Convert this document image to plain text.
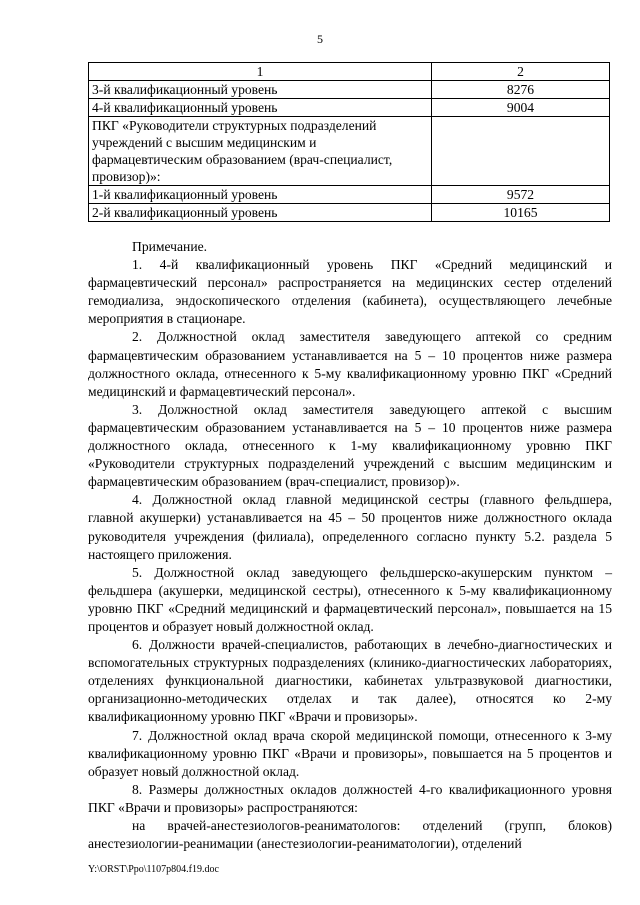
5
1	2
3-й квалификационный уровень	8276
4-й квалификационный уровень	9004
ПКГ «Руководители структурных подразделений учреждений с высшим медицинским и фармацевтическим образованием (врач-специалист, провизор)»:	
1-й квалификационный уровень	9572
2-й квалификационный уровень	10165

Примечание.

1. 4-й квалификационный уровень ПКГ «Средний медицинский и фармацевтический персонал» распространяется на медицинских сестер отделений гемодиализа, эндоскопического отделения (кабинета), осуществляющего лечебные мероприятия в стационаре.

2. Должностной оклад заместителя заведующего аптекой со средним фармацевтическим образованием устанавливается на 5 – 10 процентов ниже размера должностного оклада, отнесенного к 5-му квалификационному уровню ПКГ «Средний медицинский и фармацевтический персонал».

3. Должностной оклад заместителя заведующего аптекой с высшим фармацевтическим образованием устанавливается на 5 – 10 процентов ниже размера должностного оклада, отнесенного к 1-му квалификационному уровню ПКГ «Руководители структурных подразделений учреждений с высшим медицинским и фармацевтическим образованием (врач-специалист, провизор)».

4. Должностной оклад главной медицинской сестры (главного фельдшера, главной акушерки) устанавливается на 45 – 50 процентов ниже должностного оклада руководителя учреждения (филиала), определенного согласно пункту 5.2. раздела 5 настоящего приложения.

5. Должностной оклад заведующего фельдшерско-акушерским пунктом – фельдшера (акушерки, медицинской сестры), отнесенного к 5-му квалификационному уровню ПКГ «Средний медицинский и фармацевтический персонал», повышается на 15 процентов и образует новый должностной оклад.

6. Должности врачей-специалистов, работающих в лечебно-диагностических и вспомогательных структурных подразделениях (клинико-диагностических лабораториях, отделениях функциональной диагностики, кабинетах ультразвуковой диагностики, организационно-методических отделах и так далее), относятся ко 2-му квалификационному уровню ПКГ «Врачи и провизоры».

7. Должностной оклад врача скорой медицинской помощи, отнесенного к 3-му квалификационному уровню ПКГ «Врачи и провизоры», повышается на 5 процентов и образует новый должностной оклад.

8. Размеры должностных окладов должностей 4-го квалификационного уровня ПКГ «Врачи и провизоры» распространяются:

на врачей-анестезиологов-реаниматологов: отделений (групп, блоков) анестезиологии-реанимации (анестезиологии-реаниматологии), отделений

Y:\ORST\Ppo\1107p804.f19.doc
